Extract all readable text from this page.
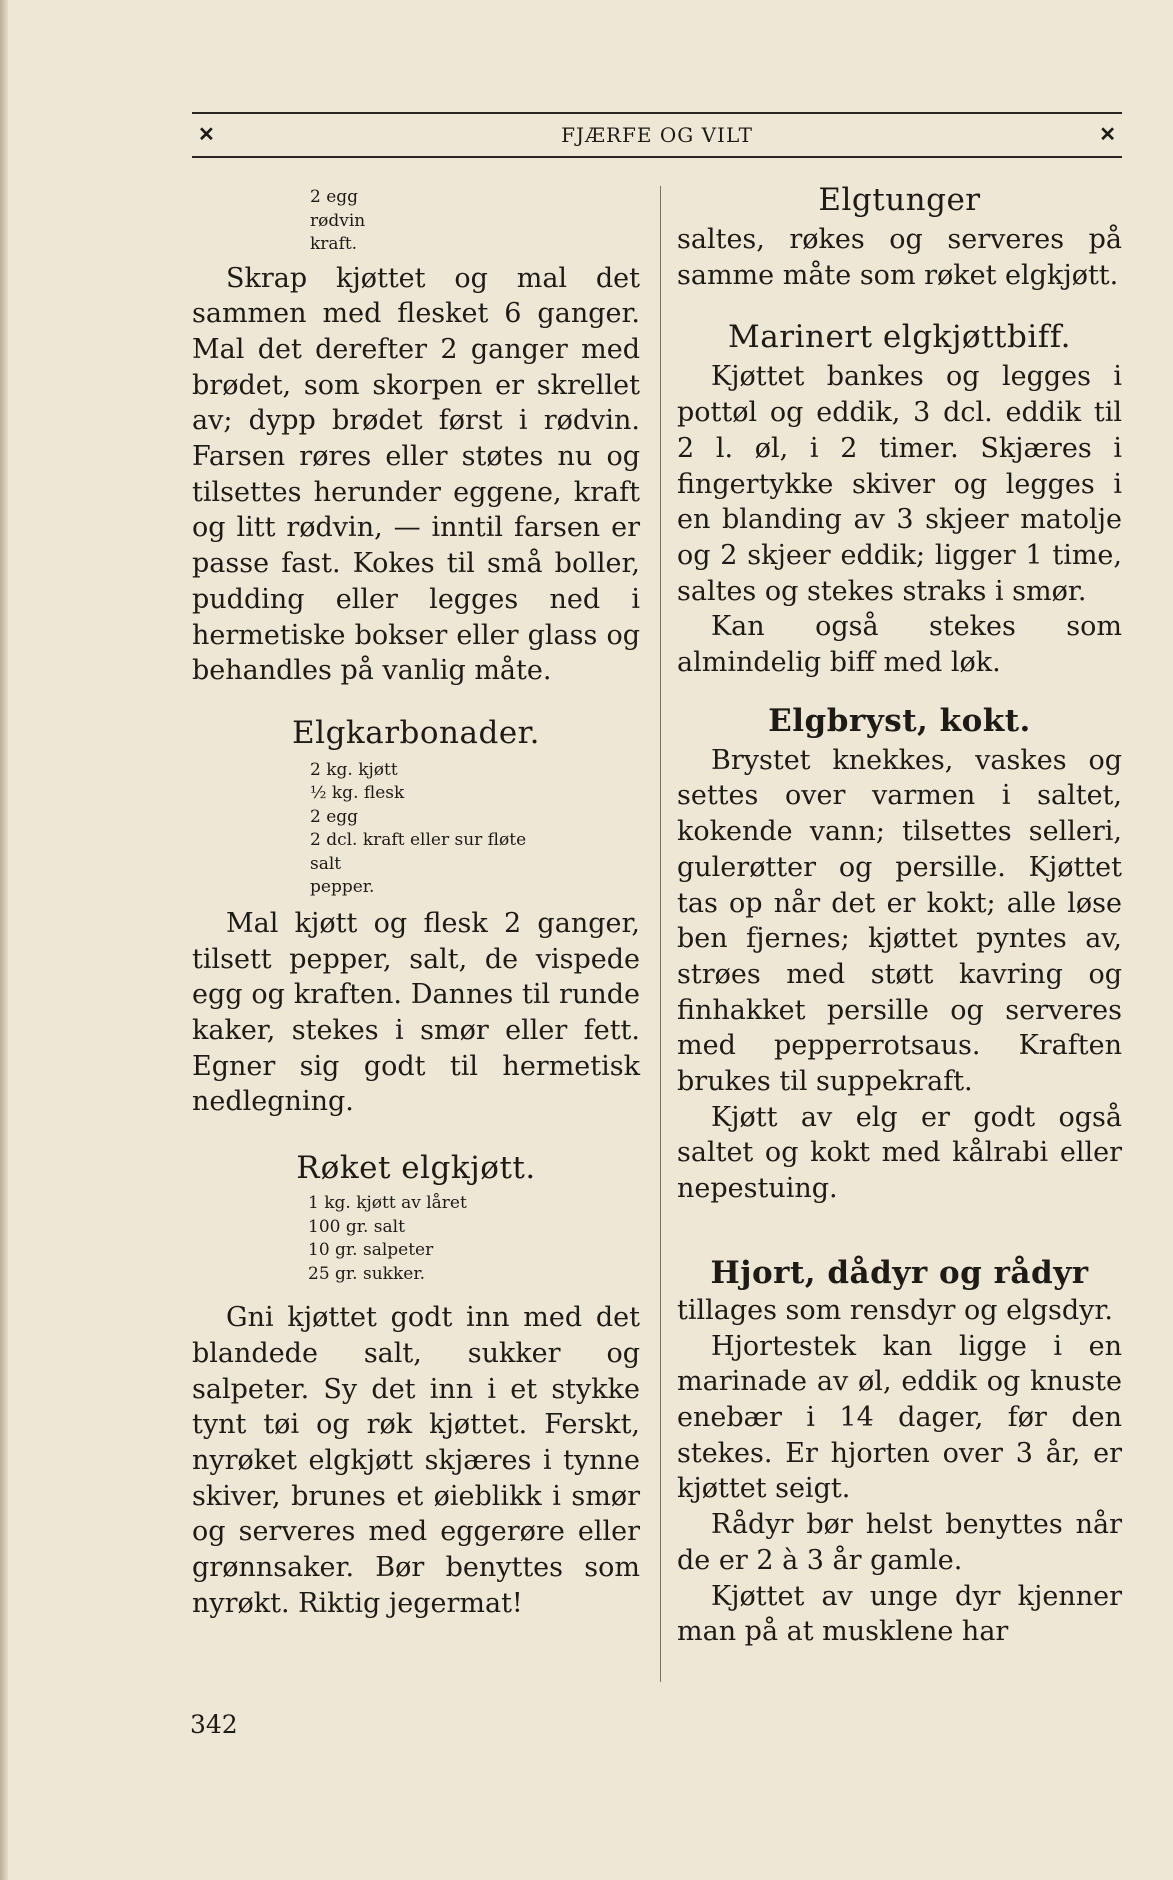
✕	FJÆRFE OG VILT	✕
2 egg
rødvin
kraft.

Skrap kjøttet og mal det sammen med flesket 6 ganger. Mal det derefter 2 ganger med brødet, som skorpen er skrellet av; dypp brødet først i rødvin. Farsen røres eller støtes nu og tilsettes herunder eggene, kraft og litt rødvin, — inntil farsen er passe fast. Kokes til små boller, pudding eller legges ned i hermetiske bokser eller glass og behandles på vanlig måte.

Elgkarbonader.
2 kg. kjøtt
½ kg. flesk
2 egg
2 dcl. kraft eller sur fløte
salt
pepper.

Mal kjøtt og flesk 2 ganger, tilsett pepper, salt, de vispede egg og kraften. Dannes til runde kaker, stekes i smør eller fett. Egner sig godt til hermetisk nedlegning.

Røket elgkjøtt.
1 kg. kjøtt av låret
100 gr. salt
10 gr. salpeter
25 gr. sukker.

Gni kjøttet godt inn med det blandede salt, sukker og salpeter. Sy det inn i et stykke tynt tøi og røk kjøttet. Ferskt, nyrøket elgkjøtt skjæres i tynne skiver, brunes et øieblikk i smør og serveres med eggerøre eller grønnsaker. Bør benyttes som nyrøkt. Riktig jegermat!

Elgtunger

saltes, røkes og serveres på samme måte som røket elgkjøtt.

Marinert elgkjøttbiff.

Kjøttet bankes og legges i pottøl og eddik, 3 dcl. eddik til 2 l. øl, i 2 timer. Skjæres i fingertykke skiver og legges i en blanding av 3 skjeer matolje og 2 skjeer eddik; ligger 1 time, saltes og stekes straks i smør.

Kan også stekes som almindelig biff med løk.

Elgbryst, kokt.

Brystet knekkes, vaskes og settes over varmen i saltet, kokende vann; tilsettes selleri, gulerøtter og persille. Kjøttet tas op når det er kokt; alle løse ben fjernes; kjøttet pyntes av, strøes med støtt kavring og finhakket persille og serveres med pepperrotsaus. Kraften brukes til suppekraft.

Kjøtt av elg er godt også saltet og kokt med kålrabi eller nepestuing.

Hjort, dådyr og rådyr

tillages som rensdyr og elgsdyr.

Hjortestek kan ligge i en marinade av øl, eddik og knuste enebær i 14 dager, før den stekes. Er hjorten over 3 år, er kjøttet seigt.

Rådyr bør helst benyttes når de er 2 à 3 år gamle.

Kjøttet av unge dyr kjenner man på at musklene har

342
